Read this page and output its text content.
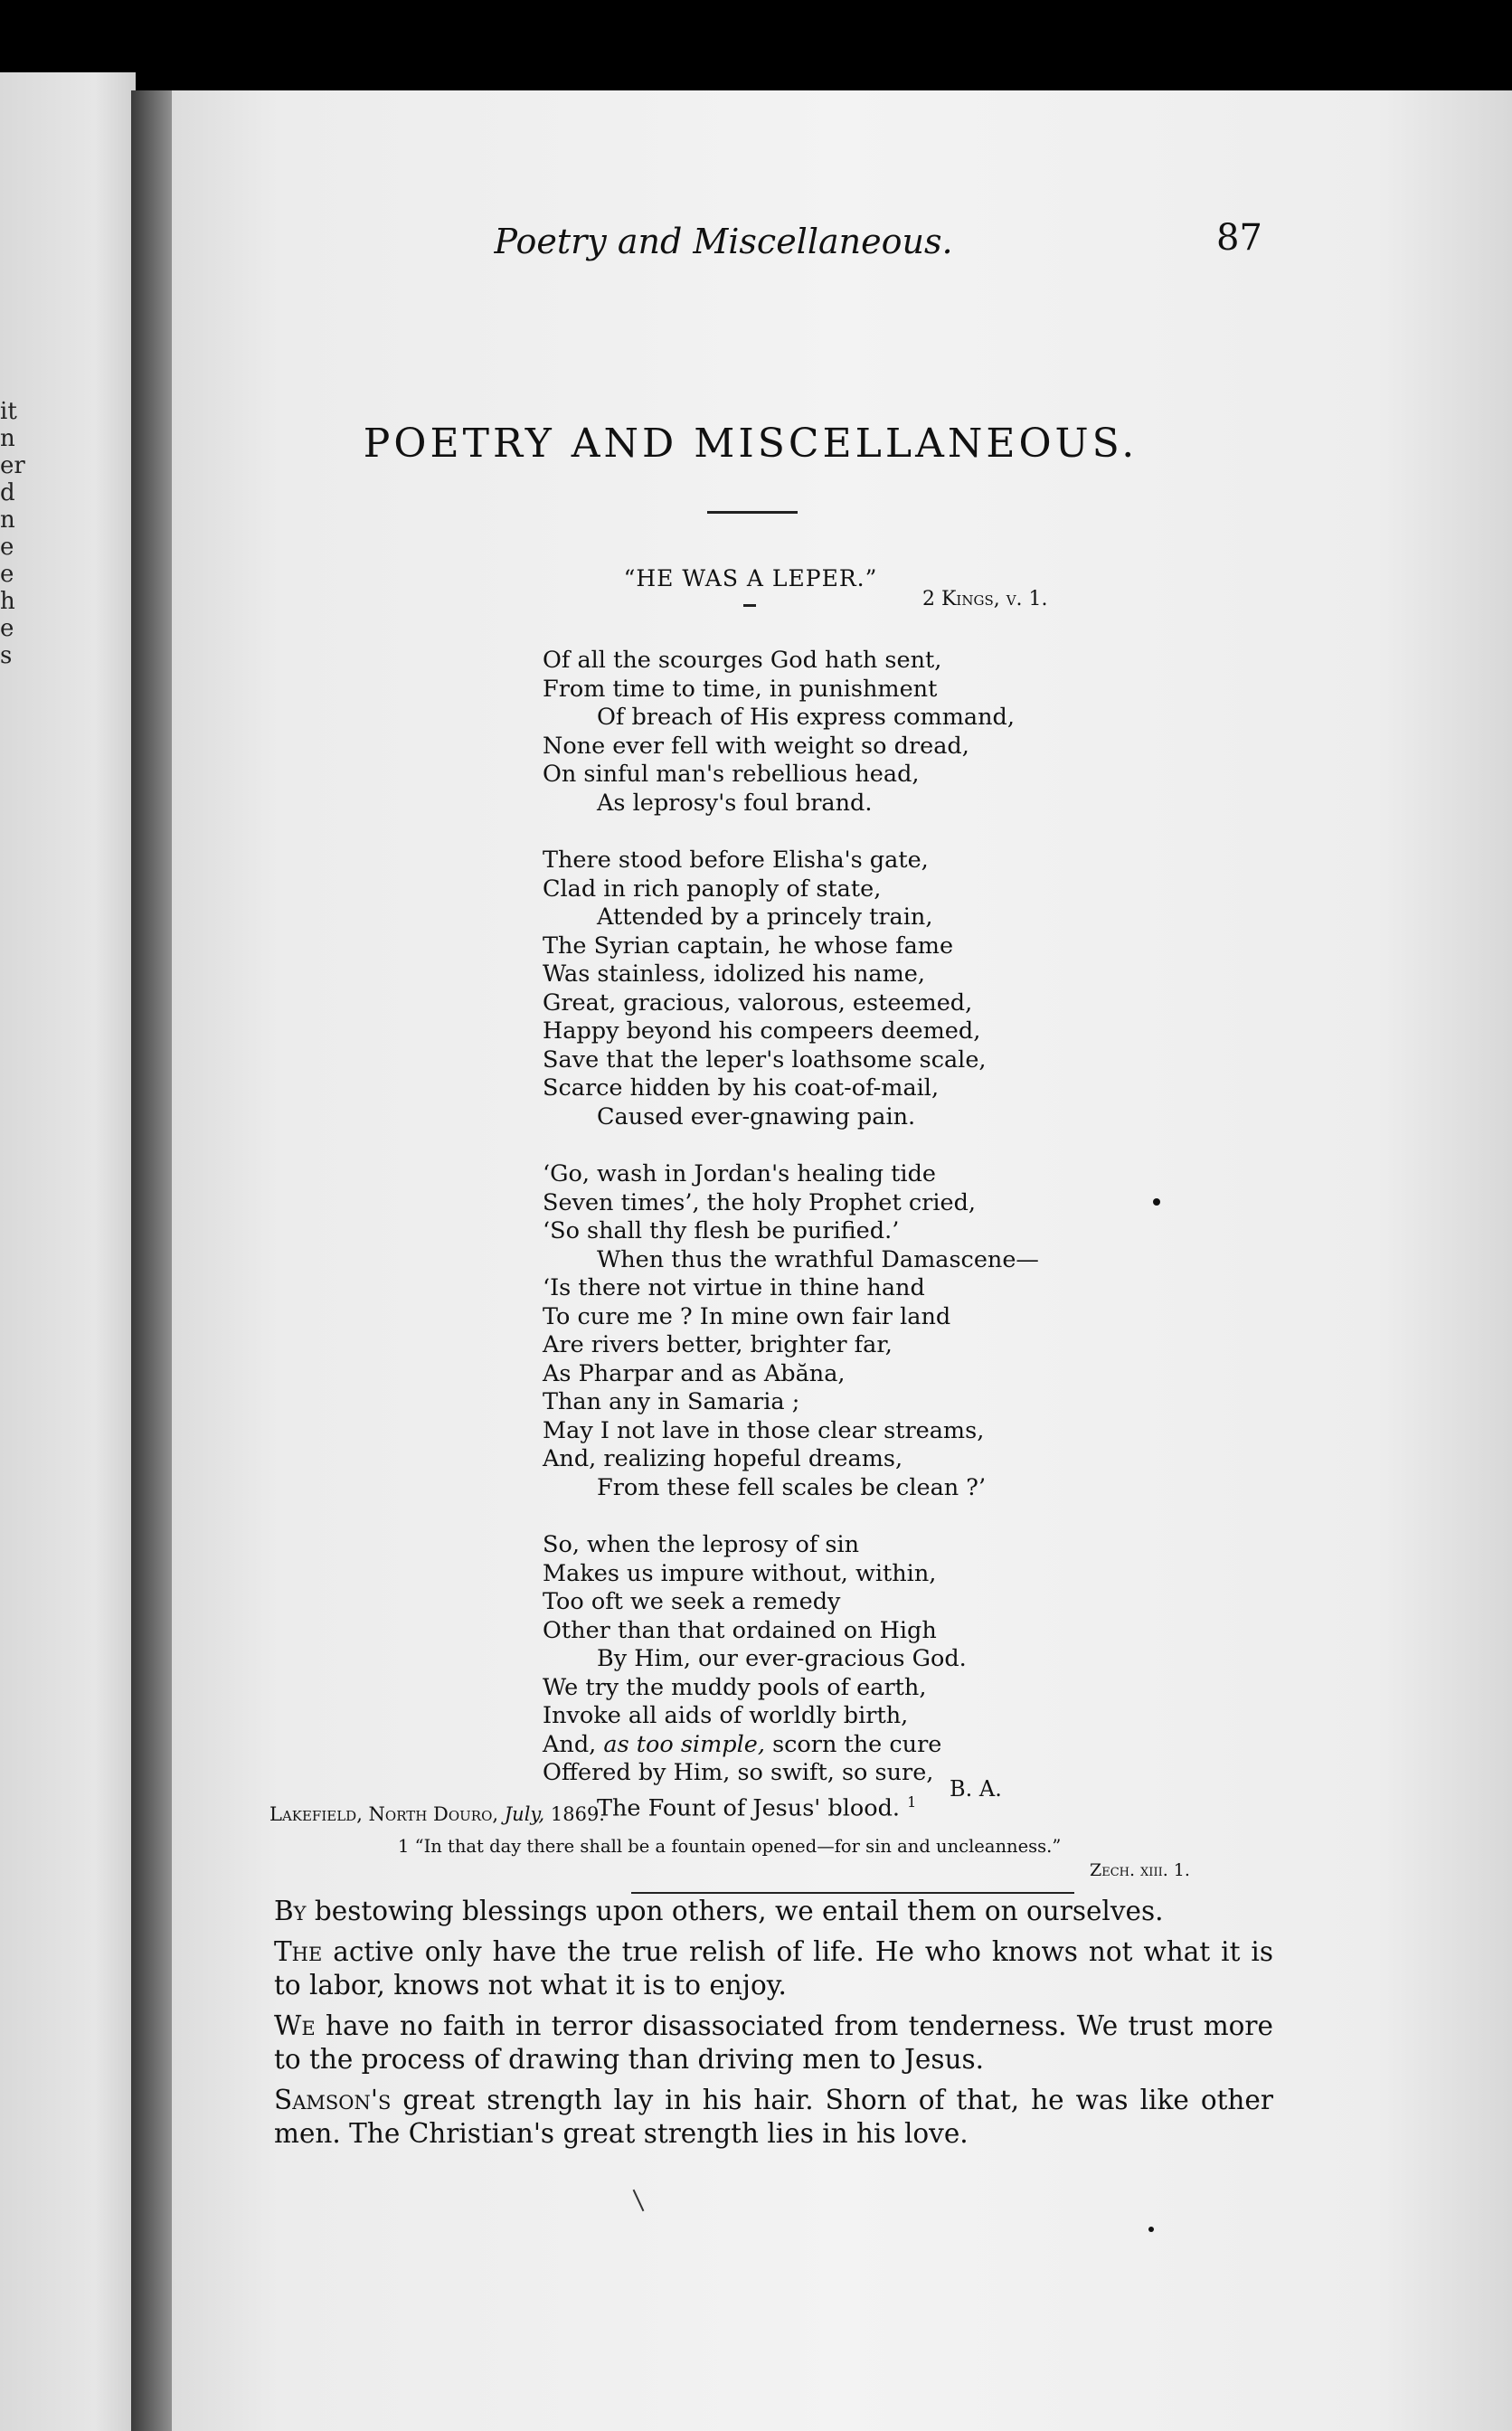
it
n
er
d
n
e
e
h
e
s

Poetry and Miscellaneous.	87
POETRY AND MISCELLANEOUS.
“HE WAS A LEPER.”
2 Kings, v. 1.
Of all the scourges God hath sent,
From time to time, in punishment
Of breach of His express command,
None ever fell with weight so dread,
On sinful man's rebellious head,
As leprosy's foul brand.
There stood before Elisha's gate,
Clad in rich panoply of state,
Attended by a princely train,
The Syrian captain, he whose fame
Was stainless, idolized his name,
Great, gracious, valorous, esteemed,
Happy beyond his compeers deemed,
Save that the leper's loathsome scale,
Scarce hidden by his coat-of-mail,
Caused ever-gnawing pain.
‘Go, wash in Jordan's healing tide
Seven times’, the holy Prophet cried,
‘So shall thy flesh be purified.’
When thus the wrathful Damascene—
‘Is there not virtue in thine hand
To cure me ? In mine own fair land
Are rivers better, brighter far,
As Pharpar and as Abăna,
Than any in Samaria ;
May I not lave in those clear streams,
And, realizing hopeful dreams,
From these fell scales be clean ?’
So, when the leprosy of sin
Makes us impure without, within,
Too oft we seek a remedy
Other than that ordained on High
By Him, our ever-gracious God.
We try the muddy pools of earth,
Invoke all aids of worldly birth,
And, as too simple, scorn the cure
Offered by Him, so swift, so sure,
The Fount of Jesus' blood. $^1$	B. A.
Lakefield, North Douro, July, 1869.
1 “In that day there shall be a fountain opened—for sin and uncleanness.”
Zech. xiii. 1.
By bestowing blessings upon others, we entail them on ourselves.
The active only have the true relish of life. He who knows not what it is to labor, knows not what it is to enjoy.
We have no faith in terror disassociated from tenderness. We trust more to the process of drawing than driving men to Jesus.
Samson's great strength lay in his hair. Shorn of that, he was like other men. The Christian's great strength lies in his love.
